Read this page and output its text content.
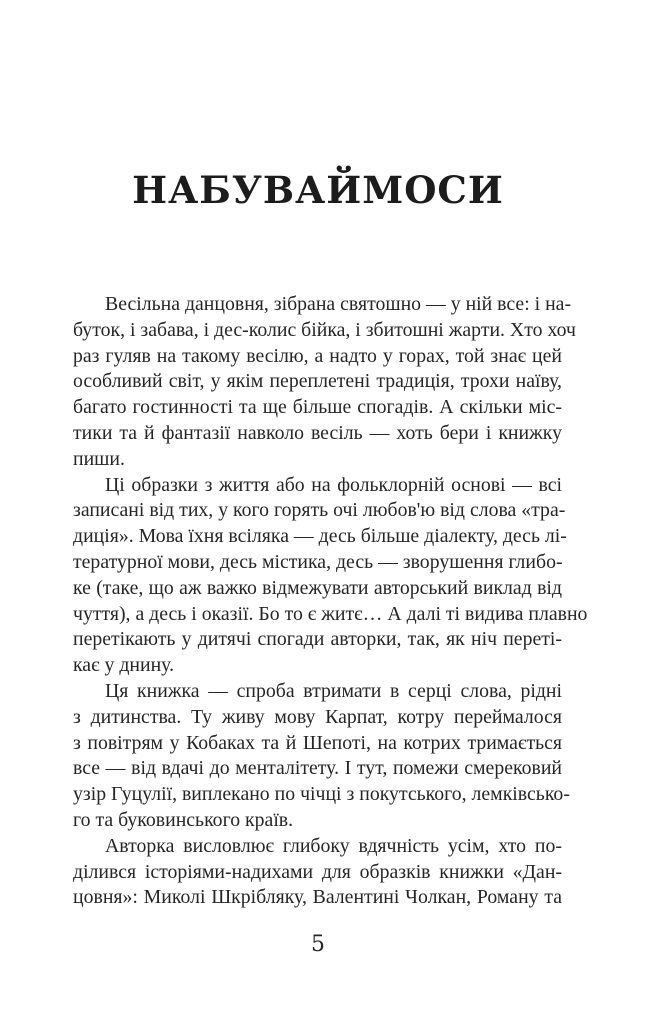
НАБУВАЙМОСИ

Весільна данцовня, зібрана святошно — у ній все: і на-
буток, і забава, і дес-колис бійка, і збитошні жарти. Хто хоч
раз гуляв на такому весілю, а надто у горах, той знає цей
особливий світ, у якім переплетені традиція, трохи наїву,
багато гостинності та ще більше спогадів. А скільки міс-
тики та й фантазії навколо весіль — хоть бери і книжку
пиши.

Ці образки з життя або на фольклорній основі — всі
записані від тих, у кого горять очі любов'ю від слова «тра-
диція». Мова їхня всіляка — десь більше діалекту, десь лі-
тературної мови, десь містика, десь — зворушення глибо-
ке (таке, що аж важко відмежувати авторський виклад від
чуття), а десь і оказії. Бо то є житє… А далі ті видива плавно
перетікають у дитячі спогади авторки, так, як ніч переті-
кає у днину.

Ця книжка — спроба втримати в серці слова, рідні
з дитинства. Ту живу мову Карпат, котру переймалося
з повітрям у Кобаках та й Шепоті, на котрих тримається
все — від вдачі до менталітету. І тут, помежи смерековий
узір Гуцулії, виплекано по чічці з покутського, лемківсько-
го та буковинського країв.

Авторка висловлює глибоку вдячність усім, хто по-
ділився історіями-надихами для образків книжки «Дан-
цовня»: Миколі Шкрібляку, Валентині Чолкан, Роману та

5
